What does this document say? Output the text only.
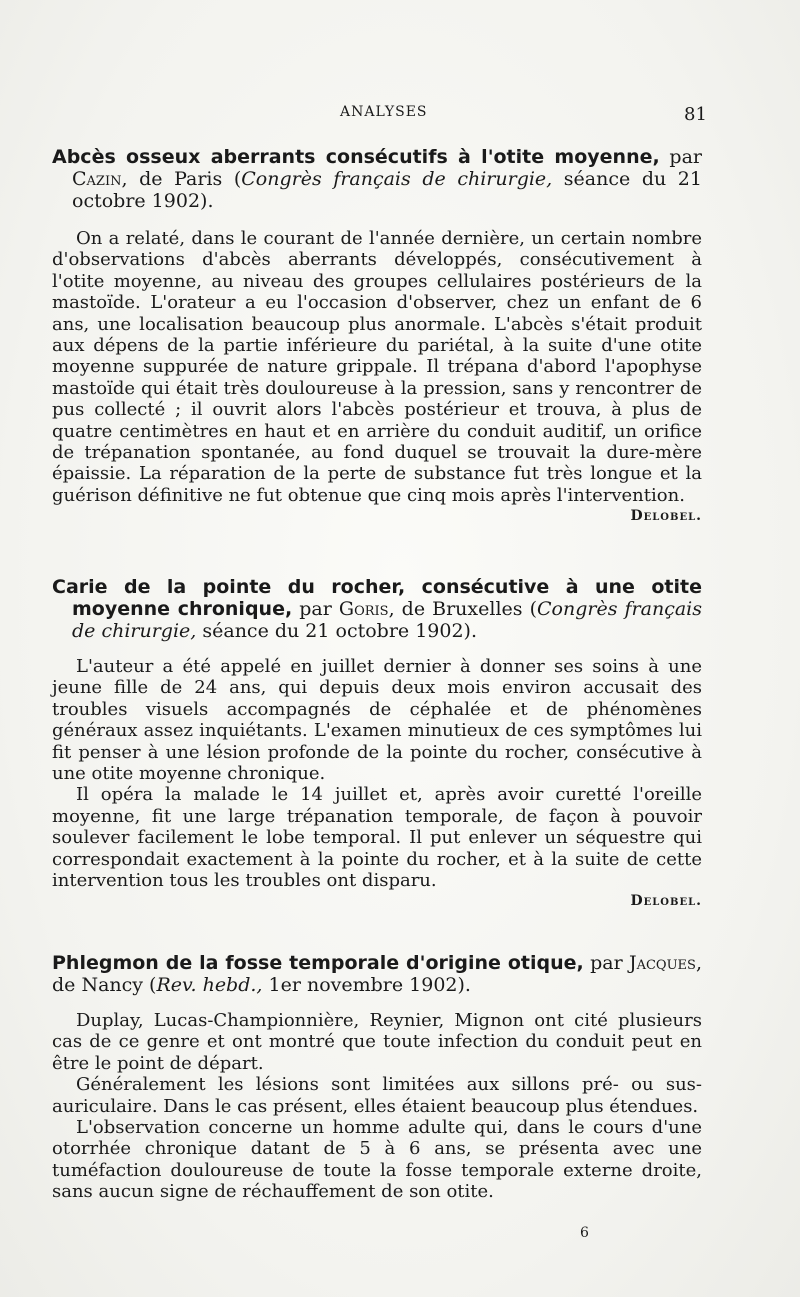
ANALYSES	81
Abcès osseux aberrants consécutifs à l'otite moyenne, par Cazin, de Paris (Congrès français de chirurgie, séance du 21 octobre 1902).

On a relaté, dans le courant de l'année dernière, un certain nombre d'observations d'abcès aberrants développés, consécutivement à l'otite moyenne, au niveau des groupes cellulaires postérieurs de la mastoïde. L'orateur a eu l'occasion d'observer, chez un enfant de 6 ans, une localisation beaucoup plus anormale. L'abcès s'était produit aux dépens de la partie inférieure du pariétal, à la suite d'une otite moyenne suppurée de nature grippale. Il trépana d'abord l'apophyse mastoïde qui était très douloureuse à la pression, sans y rencontrer de pus collecté ; il ouvrit alors l'abcès postérieur et trouva, à plus de quatre centimètres en haut et en arrière du conduit auditif, un orifice de trépanation spontanée, au fond duquel se trouvait la dure-mère épaissie. La réparation de la perte de substance fut très longue et la guérison définitive ne fut obtenue que cinq mois après l'intervention.

Delobel.
Carie de la pointe du rocher, consécutive à une otite moyenne chronique, par Goris, de Bruxelles (Congrès français de chirurgie, séance du 21 octobre 1902).

L'auteur a été appelé en juillet dernier à donner ses soins à une jeune fille de 24 ans, qui depuis deux mois environ accusait des troubles visuels accompagnés de céphalée et de phénomènes généraux assez inquiétants. L'examen minutieux de ces symptômes lui fit penser à une lésion profonde de la pointe du rocher, consécutive à une otite moyenne chronique.

Il opéra la malade le 14 juillet et, après avoir curetté l'oreille moyenne, fit une large trépanation temporale, de façon à pouvoir soulever facilement le lobe temporal. Il put enlever un séquestre qui correspondait exactement à la pointe du rocher, et à la suite de cette intervention tous les troubles ont disparu.

Delobel.
Phlegmon de la fosse temporale d'origine otique, par Jacques, de Nancy (Rev. hebd., 1er novembre 1902).

Duplay, Lucas-Championnière, Reynier, Mignon ont cité plusieurs cas de ce genre et ont montré que toute infection du conduit peut en être le point de départ.

Généralement les lésions sont limitées aux sillons pré- ou sus-auriculaire. Dans le cas présent, elles étaient beaucoup plus étendues.

L'observation concerne un homme adulte qui, dans le cours d'une otorrhée chronique datant de 5 à 6 ans, se présenta avec une tuméfaction douloureuse de toute la fosse temporale externe droite, sans aucun signe de réchauffement de son otite.

6
